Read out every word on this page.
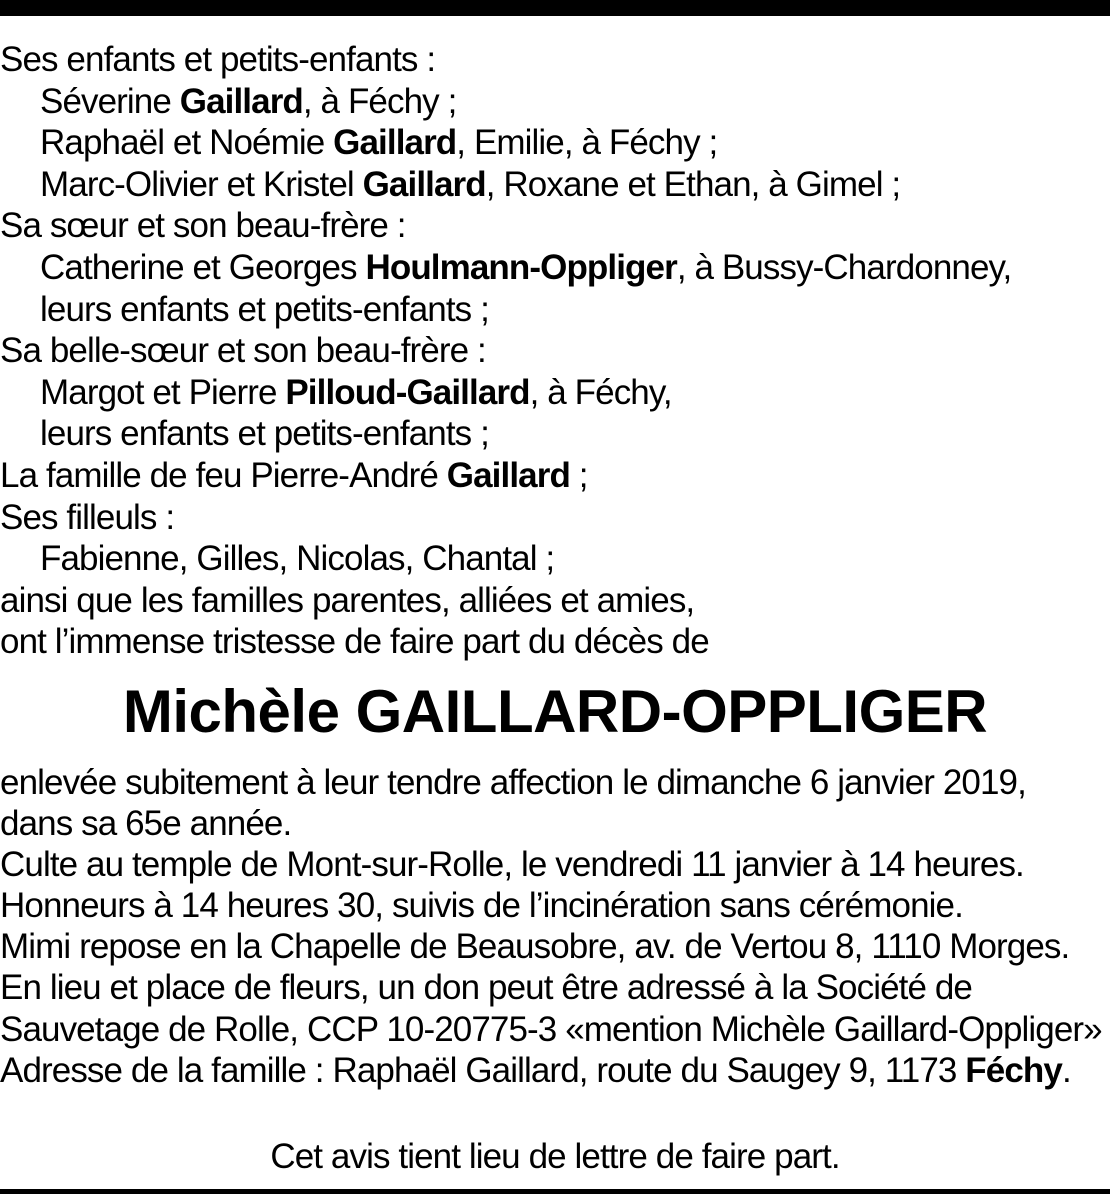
Ses enfants et petits-enfants :
Séverine Gaillard, à Féchy ;
Raphaël et Noémie Gaillard, Emilie, à Féchy ;
Marc-Olivier et Kristel Gaillard, Roxane et Ethan, à Gimel ;
Sa sœur et son beau-frère :
Catherine et Georges Houlmann-Oppliger, à Bussy-Chardonney,
leurs enfants et petits-enfants ;
Sa belle-sœur et son beau-frère :
Margot et Pierre Pilloud-Gaillard, à Féchy,
leurs enfants et petits-enfants ;
La famille de feu Pierre-André Gaillard ;
Ses filleuls :
Fabienne, Gilles, Nicolas, Chantal ;
ainsi que les familles parentes, alliées et amies,
ont l’immense tristesse de faire part du décès de
Michèle GAILLARD-OPPLIGER
enlevée subitement à leur tendre affection le dimanche 6 janvier 2019,
dans sa 65e année.
Culte au temple de Mont-sur-Rolle, le vendredi 11 janvier à 14 heures.
Honneurs à 14 heures 30, suivis de l’incinération sans cérémonie.
Mimi repose en la Chapelle de Beausobre, av. de Vertou 8, 1110 Morges.
En lieu et place de fleurs, un don peut être adressé à la Société de
Sauvetage de Rolle, CCP 10-20775-3 «mention Michèle Gaillard-Oppliger»
Adresse de la famille : Raphaël Gaillard, route du Saugey 9, 1173 Féchy.
Cet avis tient lieu de lettre de faire part.
